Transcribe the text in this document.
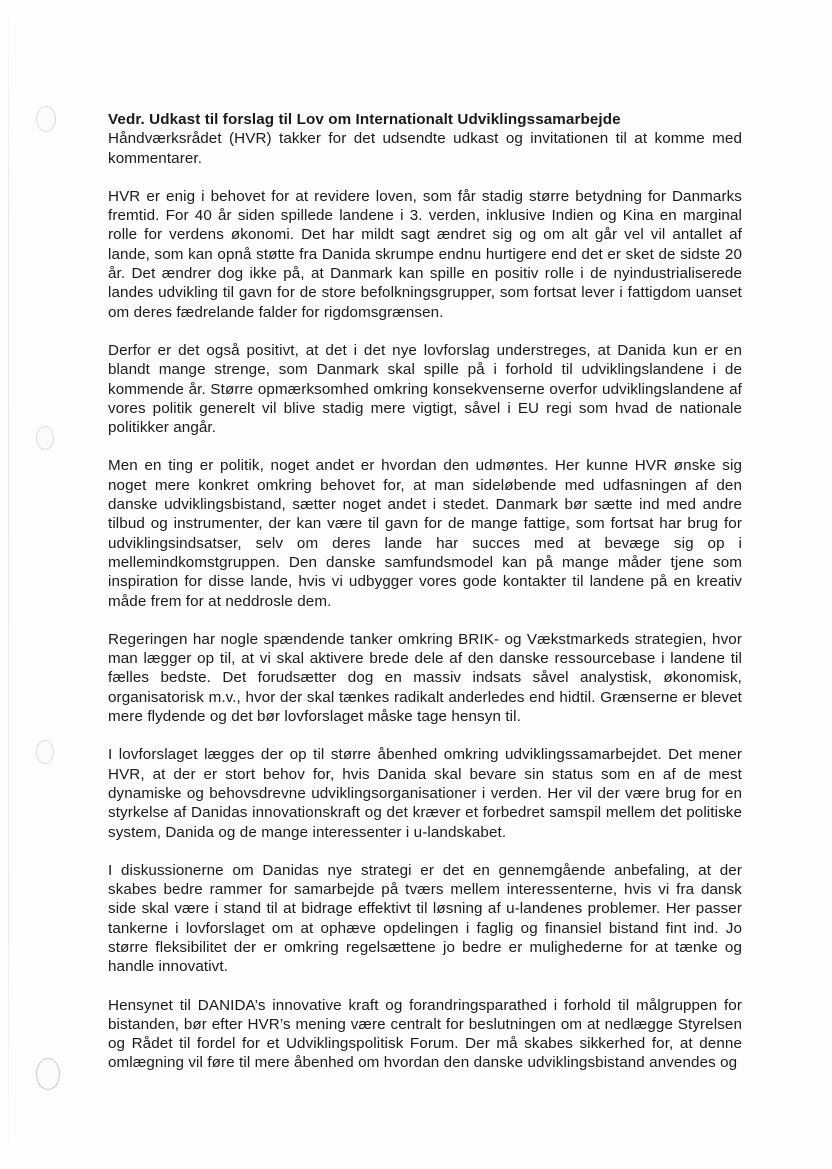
Vedr. Udkast til forslag til Lov om Internationalt Udviklingssamarbejde

Håndværksrådet (HVR) takker for det udsendte udkast og invitationen til at komme med kommentarer.

HVR er enig i behovet for at revidere loven, som får stadig større betydning for Danmarks fremtid. For 40 år siden spillede landene i 3. verden, inklusive Indien og Kina en marginal rolle for verdens økonomi. Det har mildt sagt ændret sig og om alt går vel vil antallet af lande, som kan opnå støtte fra Danida skrumpe endnu hurtigere end det er sket de sidste 20 år. Det ændrer dog ikke på, at Danmark kan spille en positiv rolle i de nyindustrialiserede landes udvikling til gavn for de store befolkningsgrupper, som fortsat lever i fattigdom uanset om deres fædrelande falder for rigdomsgrænsen.

Derfor er det også positivt, at det i det nye lovforslag understreges, at Danida kun er en blandt mange strenge, som Danmark skal spille på i forhold til udviklingslandene i de kommende år. Større opmærksomhed omkring konsekvenserne overfor udviklingslandene af vores politik generelt vil blive stadig mere vigtigt, såvel i EU regi som hvad de nationale politikker angår.

Men en ting er politik, noget andet er hvordan den udmøntes. Her kunne HVR ønske sig noget mere konkret omkring behovet for, at man sideløbende med udfasningen af den danske udviklingsbistand, sætter noget andet i stedet. Danmark bør sætte ind med andre tilbud og instrumenter, der kan være til gavn for de mange fattige, som fortsat har brug for udviklingsindsatser, selv om deres lande har succes med at bevæge sig op i mellemindkomstgruppen. Den danske samfundsmodel kan på mange måder tjene som inspiration for disse lande, hvis vi udbygger vores gode kontakter til landene på en kreativ måde frem for at neddrosle dem.

Regeringen har nogle spændende tanker omkring BRIK- og Vækstmarkeds strategien, hvor man lægger op til, at vi skal aktivere brede dele af den danske ressourcebase i landene til fælles bedste. Det forudsætter dog en massiv indsats såvel analystisk, økonomisk, organisatorisk m.v., hvor der skal tænkes radikalt anderledes end hidtil. Grænserne er blevet mere flydende og det bør lovforslaget måske tage hensyn til.

I lovforslaget lægges der op til større åbenhed omkring udviklingssamarbejdet. Det mener HVR, at der er stort behov for, hvis Danida skal bevare sin status som en af de mest dynamiske og behovsdrevne udviklingsorganisationer i verden. Her vil der være brug for en styrkelse af Danidas innovationskraft og det kræver et forbedret samspil mellem det politiske system, Danida og de mange interessenter i u-landskabet.

I diskussionerne om Danidas nye strategi er det en gennemgående anbefaling, at der skabes bedre rammer for samarbejde på tværs mellem interessenterne, hvis vi fra dansk side skal være i stand til at bidrage effektivt til løsning af u-landenes problemer. Her passer tankerne i lovforslaget om at ophæve opdelingen i faglig og finansiel bistand fint ind. Jo større fleksibilitet der er omkring regelsættene jo bedre er mulighederne for at tænke og handle innovativt.

Hensynet til DANIDA’s innovative kraft og forandringsparathed i forhold til målgruppen for bistanden, bør efter HVR’s mening være centralt for beslutningen om at nedlægge Styrelsen og Rådet til fordel for et Udviklingspolitisk Forum. Der må skabes sikkerhed for, at denne omlægning vil føre til mere åbenhed om hvordan den danske udviklingsbistand anvendes og
